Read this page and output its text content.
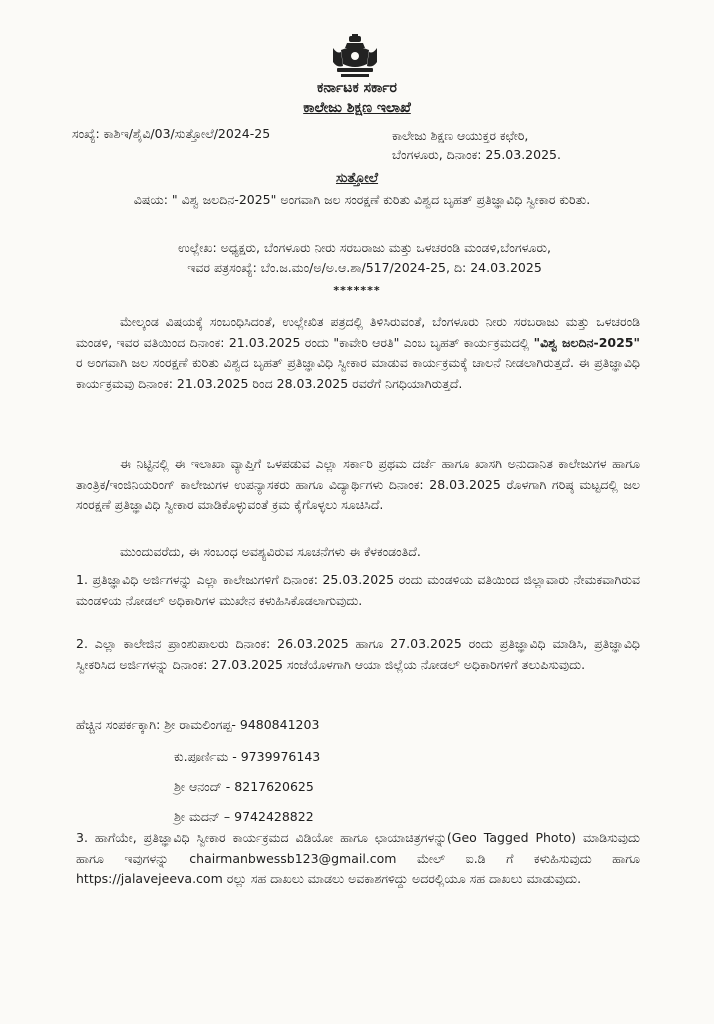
ಕರ್ನಾಟಕ ಸರ್ಕಾರ
ಕಾಲೇಜು ಶಿಕ್ಷಣ ಇಲಾಖೆ
ಸಂಖ್ಯೆ: ಕಾಶಿಇ/ಶೈವಿ/03/ಸುತ್ತೋಲೆ/2024-25	ಕಾಲೇಜು ಶಿಕ್ಷಣ ಆಯುಕ್ತರ ಕಛೇರಿ,
ಬೆಂಗಳೂರು, ದಿನಾಂಕ: 25.03.2025.
ಸುತ್ತೋಲೆ
ವಿಷಯ: " ವಿಶ್ವ ಜಲದಿನ-2025" ಅಂಗವಾಗಿ ಜಲ ಸಂರಕ್ಷಣೆ ಕುರಿತು ವಿಶ್ವದ ಬೃಹತ್ ಪ್ರತಿಜ್ಞಾವಿಧಿ ಸ್ವೀಕಾರ ಕುರಿತು.
ಉಲ್ಲೇಖ: ಅಧ್ಯಕ್ಷರು, ಬೆಂಗಳೂರು ನೀರು ಸರಬರಾಜು ಮತ್ತು ಒಳಚರಂಡಿ ಮಂಡಳಿ,ಬೆಂಗಳೂರು,
ಇವರ ಪತ್ರಸಂಖ್ಯೆ: ಬೆಂ.ಜ.ಮಂ/ಅ/ಅ.ಆ.ಶಾ/517/2024-25, ದಿ: 24.03.2025
*******
ಮೇಲ್ಕಂಡ ವಿಷಯಕ್ಕೆ ಸಂಬಂಧಿಸಿದಂತೆ, ಉಲ್ಲೇಖಿತ ಪತ್ರದಲ್ಲಿ ತಿಳಿಸಿರುವಂತೆ, ಬೆಂಗಳೂರು ನೀರು ಸರಬರಾಜು ಮತ್ತು ಒಳಚರಂಡಿ ಮಂಡಳಿ, ಇವರ ವತಿಯಿಂದ ದಿನಾಂಕ: 21.03.2025 ರಂದು "ಕಾವೇರಿ ಆರತಿ" ಎಂಬ ಬೃಹತ್ ಕಾರ್ಯಕ್ರಮದಲ್ಲಿ "ವಿಶ್ವ ಜಲದಿನ-2025" ರ ಅಂಗವಾಗಿ ಜಲ ಸಂರಕ್ಷಣೆ ಕುರಿತು ವಿಶ್ವದ ಬೃಹತ್ ಪ್ರತಿಜ್ಞಾವಿಧಿ ಸ್ವೀಕಾರ ಮಾಡುವ ಕಾರ್ಯಕ್ರಮಕ್ಕೆ ಚಾಲನೆ ನೀಡಲಾಗಿರುತ್ತದೆ. ಈ ಪ್ರತಿಜ್ಞಾವಿಧಿ ಕಾರ್ಯಕ್ರಮವು ದಿನಾಂಕ: 21.03.2025 ರಿಂದ 28.03.2025 ರವರೆಗೆ ನಿಗಧಿಯಾಗಿರುತ್ತದೆ.
ಈ ನಿಟ್ಟಿನಲ್ಲಿ ಈ ಇಲಾಖಾ ವ್ಯಾಪ್ತಿಗೆ ಒಳಪಡುವ ಎಲ್ಲಾ ಸರ್ಕಾರಿ ಪ್ರಥಮ ದರ್ಜೆ ಹಾಗೂ ಖಾಸಗಿ ಅನುದಾನಿತ ಕಾಲೇಜುಗಳ ಹಾಗೂ ತಾಂತ್ರಿಕ/ಇಂಜಿನಿಯರಿಂಗ್ ಕಾಲೇಜುಗಳ ಉಪನ್ಯಾಸಕರು ಹಾಗೂ ವಿದ್ಯಾರ್ಥಿಗಳು ದಿನಾಂಕ: 28.03.2025 ರೊಳಗಾಗಿ ಗರಿಷ್ಠ ಮಟ್ಟದಲ್ಲಿ ಜಲ ಸಂರಕ್ಷಣೆ ಪ್ರತಿಜ್ಞಾವಿಧಿ ಸ್ವೀಕಾರ ಮಾಡಿಕೊಳ್ಳುವಂತೆ ಕ್ರಮ ಕೈಗೊಳ್ಳಲು ಸೂಚಿಸಿದೆ.
ಮುಂದುವರೆದು, ಈ ಸಂಬಂಧ ಅವಶ್ಯವಿರುವ ಸೂಚನೆಗಳು ಈ ಕೆಳಕಂಡಂತಿದೆ.
1. ಪ್ರತಿಜ್ಞಾವಿಧಿ ಅರ್ಜಿಗಳನ್ನು ಎಲ್ಲಾ ಕಾಲೇಜುಗಳಿಗೆ ದಿನಾಂಕ: 25.03.2025 ರಂದು ಮಂಡಳಿಯ ವತಿಯಿಂದ ಜಿಲ್ಲಾವಾರು ನೇಮಕವಾಗಿರುವ ಮಂಡಳಿಯ ನೋಡಲ್ ಅಧಿಕಾರಿಗಳ ಮುಖೇನ ಕಳುಹಿಸಿಕೊಡಲಾಗುವುದು.
2. ಎಲ್ಲಾ ಕಾಲೇಜಿನ ಪ್ರಾಂಶುಪಾಲರು ದಿನಾಂಕ: 26.03.2025 ಹಾಗೂ 27.03.2025 ರಂದು ಪ್ರತಿಜ್ಞಾವಿಧಿ ಮಾಡಿಸಿ, ಪ್ರತಿಜ್ಞಾವಿಧಿ ಸ್ವೀಕರಿಸಿದ ಅರ್ಜಿಗಳನ್ನು ದಿನಾಂಕ: 27.03.2025 ಸಂಜೆಯೊಳಗಾಗಿ ಆಯಾ ಜಿಲ್ಲೆಯ ನೋಡಲ್ ಅಧಿಕಾರಿಗಳಿಗೆ ತಲುಪಿಸುವುದು.
ಹೆಚ್ಚಿನ ಸಂಪರ್ಕಕ್ಕಾಗಿ: ಶ್ರೀ ರಾಮಲಿಂಗಪ್ಪ- 9480841203
ಕು.ಪೂರ್ಣಿಮ - 9739976143
ಶ್ರೀ ಆನಂದ್ - 8217620625
ಶ್ರೀ ಮದನ್ – 9742428822
3. ಹಾಗೆಯೇ, ಪ್ರತಿಜ್ಞಾವಿಧಿ ಸ್ವೀಕಾರ ಕಾರ್ಯಕ್ರಮದ ವಿಡಿಯೋ ಹಾಗೂ ಛಾಯಾಚಿತ್ರಗಳನ್ನು(Geo Tagged Photo) ಮಾಡಿಸುವುದು ಹಾಗೂ ಇವುಗಳನ್ನು chairmanbwessb123@gmail.com ಮೇಲ್ ಐ.ಡಿ ಗೆ ಕಳುಹಿಸುವುದು ಹಾಗೂ https://jalavejeeva.com ರಲ್ಲು ಸಹ ದಾಖಲು ಮಾಡಲು ಅವಕಾಶಗಳಿದ್ದು ಅದರಲ್ಲಿಯೂ ಸಹ ದಾಖಲು ಮಾಡುವುದು.
